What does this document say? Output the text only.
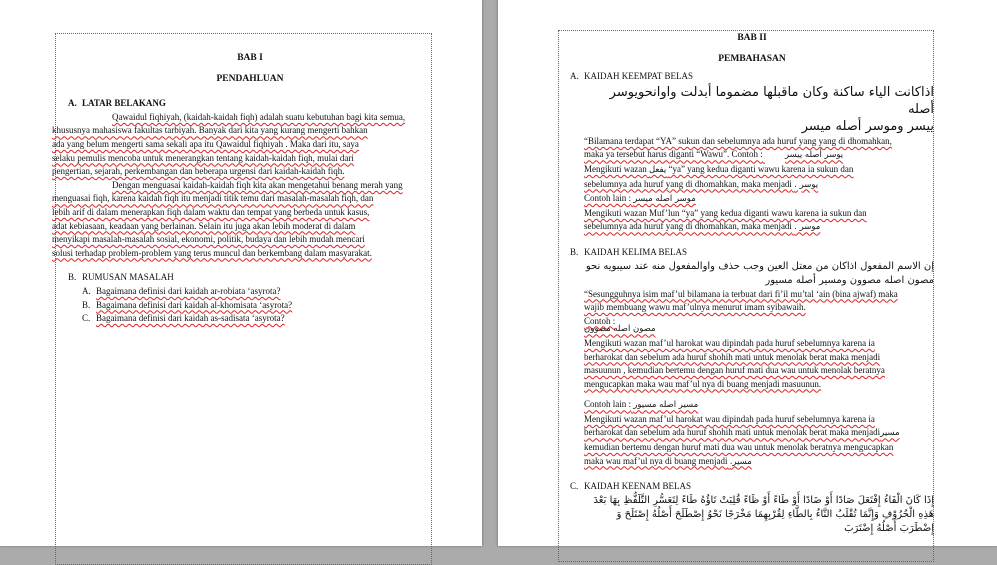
BAB I
PENDAHLUAN
A. LATAR BELAKANG
Qawaidul fiqhiyah, (kaidah-kaidah fiqh) adalah suatu kebutuhan bagi kita semua,
khususnya mahasiswa fakultas tarbiyah. Banyak dari kita yang kurang mengerti bahkan
ada yang belum mengerti sama sekali apa itu Qawaidul fiqhiyah . Maka dari itu, saya
selaku pemulis mencoba untuk menerangkan tentang kaidah-kaidah fiqh, mulai dari
pengertian, sejarah, perkembangan dan beberapa urgensi dari kaidah-kaidah fiqh.
Dengan menguasai kaidah-kaidah fiqh kita akan mengetahui benang merah yang
menguasai fiqh, karena kaidah fiqh itu menjadi titik temu dari masalah-masalah fiqh, dan
lebih arif di dalam menerapkan fiqh dalam waktu dan tempat yang berbeda untuk kasus,
adat kebiasaan, keadaan yang berlainan. Selain itu juga akan lebih moderat di dalam
menyikapi masalah-masalah sosial, ekonomi, politik, budaya dan lebih mudah mencari
solusi terhadap problem-problem yang terus muncul dan berkembang dalam masyarakat.
B. RUMUSAN MASALAH
A. Bagaimana definisi dari kaidah ar-robiata ‘asyrota?
B. Bagaimana definisi dari kaidah al-khomisata ‘asyrota?
C. Bagaimana definisi dari kaidah as-sadisata ‘asyrota?
BAB II
PEMBAHASAN
A. KAIDAH KEEMPAT BELAS
اذاكانت الياء ساكنة وكان ماقبلها مضموما أبدلت واوانحويوسر أصله
ييسر وموسر أصله ميسر
“Bilamana terdapat “YA” sukun dan sebelumnya ada huruf yang yang di dhomahkan,
maka ya tersebut harus diganti “Wawu”. Contoh :	يوسر أصله ييسر
Mengikuti wazan يفعل “ya” yang kedua diganti wawu karena ia sukun dan
sebelumnya ada huruf yang di dhomahkan, maka menjadi يوسر .
Contoh lain : موسر اصله ميسر
Mengikuti wazan Muf’lun “ya” yang kedua diganti wawu karena ia sukun dan
sebelumnya ada huruf yang di dhomahkan, maka menjadi موسر .
B. KAIDAH KELIMA BELAS
إن الاسم المفعول اذاكان من معتل العين وجب حذف واوالمفعول منه عند سيبويه نحو
مصون اصله مصوون ومسير أصله مسيور
“Sesungguhnya isim maf’ul bilamana ia terbuat dari fi’il mu’tal ‘ain (bina ajwaf) maka
wajib membuang wawu maf’ulnya menurut imam syibawaih.
Contoh :
مصون اصله مصوون
Mengikuti wazan maf’ul harokat wau dipindah pada huruf sebelumnya karena ia
berharokat dan sebelum ada huruf shohih mati untuk menolak berat maka menjadi
masuunun , kemudian bertemu dengan huruf mati dua wau untuk menolak beratnya
mengucapkan maka wau maf’ul nya di buang menjadi masuunun.
Contoh lain : مسير اصله مسيور
Mengikuti wazan maf’ul harokat wau dipindah pada huruf sebelumnya karena ia
berharokat dan sebelum ada huruf shohih mati untuk menolak berat maka menjadiمسير
kemudian bertemu dengan huruf mati dua wau untuk menolak beratnya mengucapkan
maka wau maf’ul nya di buang menjadi مسير.
C. KAIDAH KEENAM BELAS
إِذَا كَانَ الْفَاءُ إِفْتَعَلَ صَادًا أَوْ ضَادًا أَوْ طَاءً أَوْ ظَاءً قُلِبَتْ تَاؤُهُ طَاءً لِتَعَسُّرِ التَّلَفُّظِ بِهَا بَعْدَ
هَذِهِ الْحُرُوْفِ وَإِنَّمَا تُقْلَبُ التَّاءُ بِالطَّاءِ لِقُرْبِهِمَا مَخْرَجًا نَحْوُ إِصْطَلَحَ أَصْلُهُ إِصْتَلَحَ وَ
إِضْطَرَبَ أَصْلُهُ إِضْتَرَبَ
